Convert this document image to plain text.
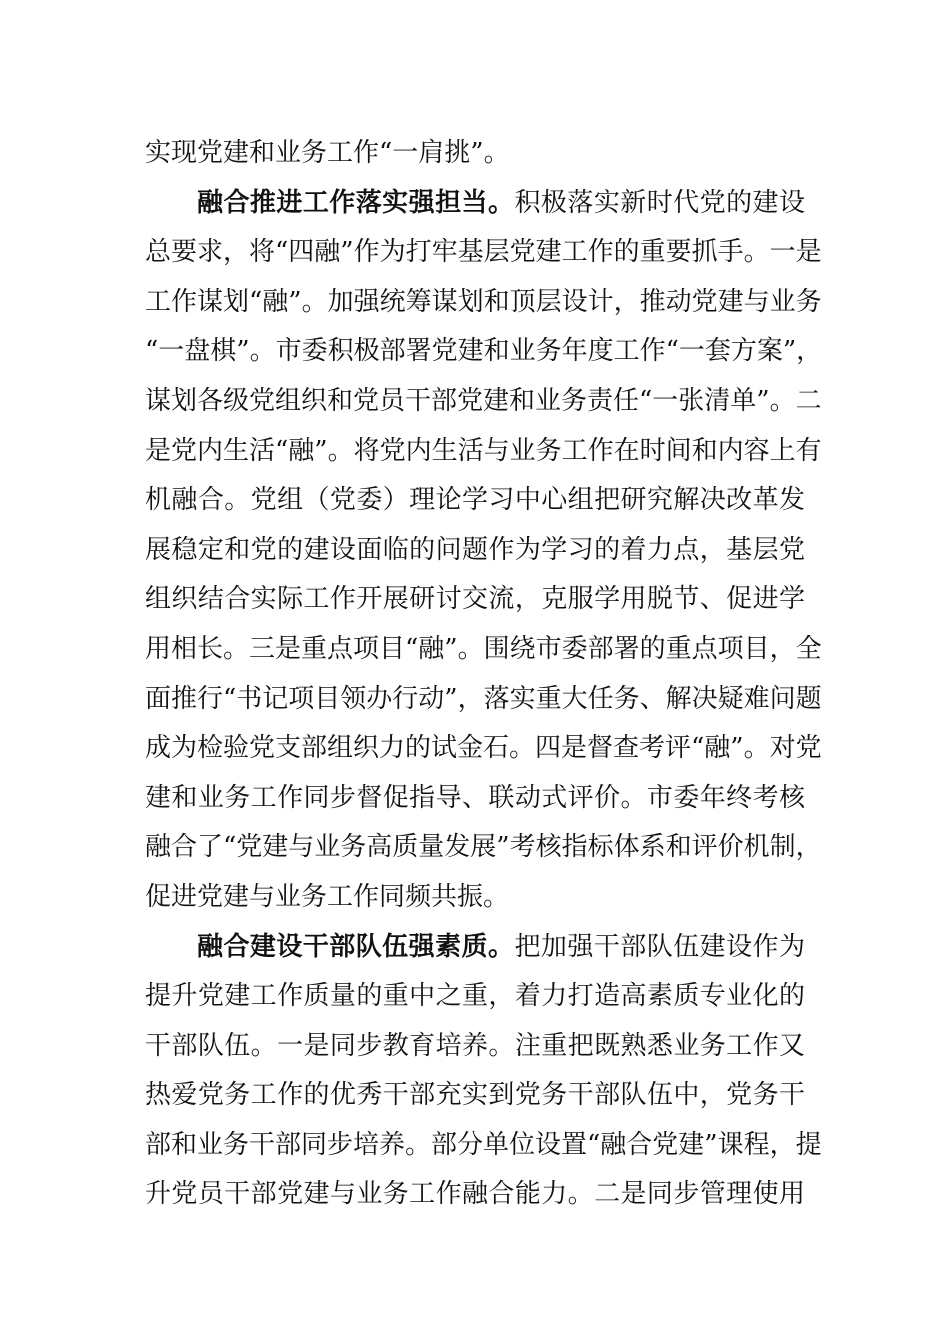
实现党建和业务工作“一肩挑”。
融合推进工作落实强担当。积极落实新时代党的建设
总要求，将“四融”作为打牢基层党建工作的重要抓手。一是
工作谋划“融”。加强统筹谋划和顶层设计，推动党建与业务
“一盘棋”。市委积极部署党建和业务年度工作“一套方案”，
谋划各级党组织和党员干部党建和业务责任“一张清单”。二
是党内生活“融”。将党内生活与业务工作在时间和内容上有
机融合。党组（党委）理论学习中心组把研究解决改革发
展稳定和党的建设面临的问题作为学习的着力点，基层党
组织结合实际工作开展研讨交流，克服学用脱节、促进学
用相长。三是重点项目“融”。围绕市委部署的重点项目，全
面推行“书记项目领办行动”，落实重大任务、解决疑难问题
成为检验党支部组织力的试金石。四是督查考评“融”。对党
建和业务工作同步督促指导、联动式评价。市委年终考核
融合了“党建与业务高质量发展”考核指标体系和评价机制，
促进党建与业务工作同频共振。
融合建设干部队伍强素质。把加强干部队伍建设作为
提升党建工作质量的重中之重，着力打造高素质专业化的
干部队伍。一是同步教育培养。注重把既熟悉业务工作又
热爱党务工作的优秀干部充实到党务干部队伍中，党务干
部和业务干部同步培养。部分单位设置“融合党建”课程，提
升党员干部党建与业务工作融合能力。二是同步管理使用
